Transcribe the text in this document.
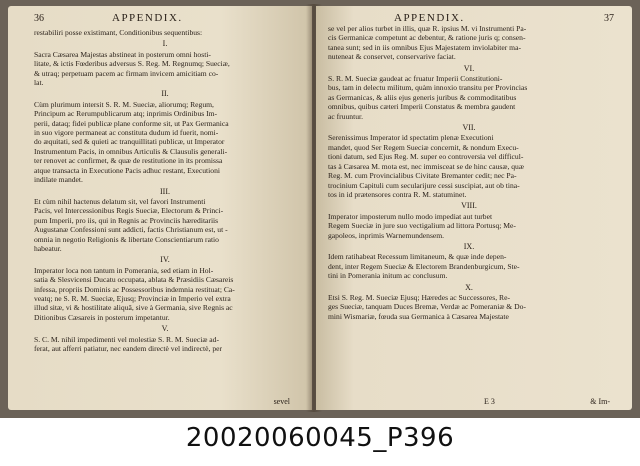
APPENDIX.
36
restabiliri posse existimant, Conditionibus sequentibus:
I.
Sacra Cæsarea Majestas abstineat in posterum omni hosti-
litate, & ictis Fœderibus adversus S. Reg. M. Regnumq; Sueciæ,
& utraq; perpetuam pacem ac firmam invicem amicitiam co-
lat.
II.
Cùm plurimum intersit S. R. M. Sueciæ, aliorumq; Regum,
Principum ac Rerumpublicarum atq; inprimis Ordinibus Im-
perii, dataq; fidei publicæ plane conforme sit, ut Pax Germanica
in suo vigore permaneat ac constituta dudum id fuerit, nomi-
do æquitati, sed & quieti ac tranquillitati publicæ, ut Imperator
Instrumentum Pacis, in omnibus Articulis & Clausulis generali-
ter renovet ac confirmet, & quæ de restitutione in its promissa
atque transacta in Executione Pacis adhuc restant, Executioni
indilate mandet.
III.
Et cùm nihil hactenus delatum sit, vel favori Instrumenti
Pacis, vel Intercessionibus Regis Sueciæ, Electorum & Princi-
pum Imperii, pro iis, qui in Regnis ac Provinciis hæreditariis
Augustanæ Confessioni sunt addicti, factis Christianum est, ut -
omnia in negotio Religionis & libertate Conscientiarum ratio
habeatur.
IV.
Imperator loca non tantum in Pomerania, sed etiam in Hol-
satia & Slesvicensi Ducatu occupata, ablata & Præsidiis Cæsareis
infessa, propriis Dominis ac Possessoribus indemnia restituat; Ca-
veatq; ne S. R. M. Sueciæ, Ejusq; Provinciæ in Imperio vel extra
illud sitæ, vi & hostilitate aliquâ, sive à Germania, sive Regnis ac
Ditionibus Cæsareis in posterum impetantur.
V.
S. C. M. nihil impedimenti vel molestiæ S. R. M. Sueciæ ad-
ferat, aut afferri patiatur, nec eandem directè vel indirectè, per
sevel
APPENDIX.	37
se vel per alios turbet in illis, quæ R. ipsius M. vi Instrumenti Pa-
cis Germanicæ competunt ac debentur, & ratione juris q; consen-
tanea sunt; sed in iis omnibus Ejus Majestatem inviolabiter ma-
nuteneat & conservet, conservarive faciat.
VI.
S. R. M. Sueciæ gaudeat ac fruatur Imperii Constitutioni-
bus, tam in delectu militum, quàm innoxio transitu per Provincias
as Germanicas, & aliis ejus generis juribus & commoditatibus
omnibus, quibus cæteri Imperii Constatus & membra gaudent
ac fruuntur.
VII.
Serenissimus Imperator id spectatim plenæ Executioni
mandet, quod Ser Regem Sueciæ concernit, & nondum Execu-
tioni datum, sed Ejus Reg. M. super eo controversia vel difficul-
tas à Cæsarea M. mota est, nec immisceat se de hinc causæ, quæ
Reg. M. cum Provincialibus Civitate Bremanter cedit; nec Pa-
trocinium Capituli cum secularijure cessi suscipiat, aut ob tina-
tos in id prætensores contra R. M. statuminet.
VIII.
Imperator imposterum nullo modo impediat aut turbet
Regem Sueciæ in jure suo vectigalium ad littora Portusq; Me-
gapoleos, inprimis Warnemundensem.
IX.
Idem ratihabeat Recessum limitaneum, & quæ inde depen-
dent, inter Regem Sueciæ & Electorem Brandenburgicum, Ste-
tini in Pomerania initum ac conclusum.
X.
Etsi S. Reg. M. Sueciæ Ejusq; Hæredes ac Successores, Re-
ges Sueciæ, tanquam Duces Bremæ, Verdæ ac Pomeraniæ & Do-
mini Wismariæ, fœuda sua Germanica à Cæsarea Majestate
E 3	& Im-
20020060045_P396
